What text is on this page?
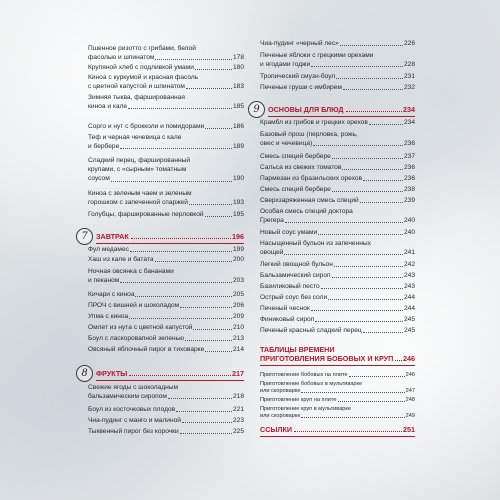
Пшенное ризотто с грибами, белой
фасолью и шпинатом	178
Крупяной хлеб с подливкой умами	180
Киноа с куркумой и красная фасоль
с цветной капустой и шпинатом	183
Зимняя тыква, фаршированная
киноа и кале	185
Сорго и нут с брокколи и помидорами	186
Теф и черная чечевица с кале
и бербере	189
Сладкий перец, фаршированный
крупами, с «сырным» томатным
соусом	190
Киноа с зеленым чаем и зеленым
горошком с запеченной спаржей	193
Голубцы, фаршированные перловкой	195
7	ЗАВТРАК	196
Фул медамес	199
Хаш из кале и батата	200
Ночная овсянка с бананами
и пеканом	203
Кичари с киноа	205
ПРОЧ с вишней и шоколадом	206
Упма с киноа	209
Омлет из нута с цветной капустой	210
Боул с ласкоровапной зеленью	213
Овсяный яблочный пирог в тиховарке	214
8	ФРУКТЫ	217
Свежие ягоды с шоколадным
бальзамическим сиропом	218
Боул из косточковых плодов	221
Чиа-пудинг с манго и малиной	223
Тыквенный пирог без корочки	225
Чиа-пудинг «черный лес»	226
Печеные яблоки с грецкими орехами
и ягодами годжи	228
Тропический смузи-боул	231
Печеные груши с имбирем	232
9	ОСНОВЫ ДЛЯ БЛЮД	234
Крамбл из грибов и грецких орехов	234
Базовый прош (перловка, рожь,
овес и чечевица)	236
Смесь специй бербере	237
Сальса из свежих томатов	236
Пармезан из бразильских орехов	236
Смесь специй бербере	238
Сверхзаряженная смесь специй	239
Особая смесь специй доктора
Грегера	240
Новый соус умами	240
Насыщенный бульон из запеченных
овощей	241
Легкий овощной бульон	242
Бальзамический сироп	243
Базиликовый песто	243
Острый соус без соли	244
Печеный чеснок	244
Финиковый сироп	245
Печеный красный сладкий перец	245
ТАБЛИЦЫ ВРЕМЕНИ
ПРИГОТОВЛЕНИЯ БОБОВЫХ И КРУП 246
Приготовление бобовых на плите	246
Приготовление бобовых в мультиварке
или скороварке	247
Приготовление круп на плите	248
Приготовление круп в мультиварке
или скороварке	249
ССЫЛКИ	251
